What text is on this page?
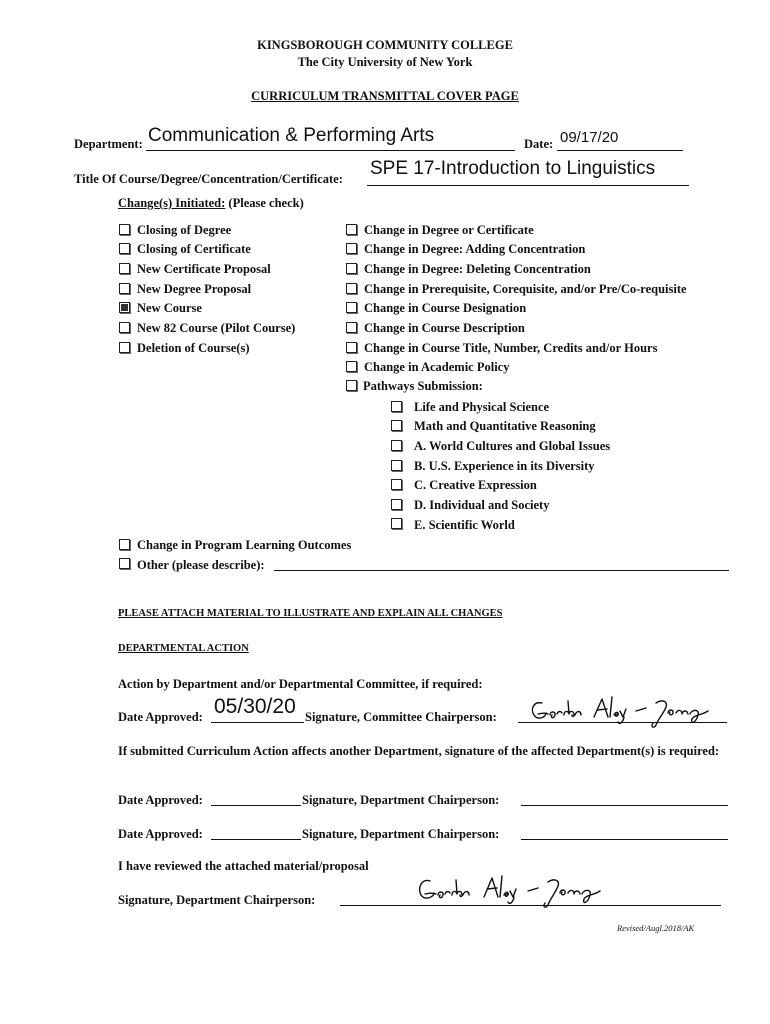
KINGSBOROUGH COMMUNITY COLLEGE
The City University of New York
CURRICULUM TRANSMITTAL COVER PAGE
Department: Communication & Performing Arts	Date: 09/17/20
Title Of Course/Degree/Concentration/Certificate: SPE 17-Introduction to Linguistics
Change(s) Initiated: (Please check)
Closing of Degree
Closing of Certificate
New Certificate Proposal
New Degree Proposal
New Course
New 82 Course (Pilot Course)
Deletion of Course(s)
Change in Degree or Certificate
Change in Degree: Adding Concentration
Change in Degree: Deleting Concentration
Change in Prerequisite, Corequisite, and/or Pre/Co-requisite
Change in Course Designation
Change in Course Description
Change in Course Title, Number, Credits and/or Hours
Change in Academic Policy
Pathways Submission:
Life and Physical Science
Math and Quantitative Reasoning
A. World Cultures and Global Issues
B. U.S. Experience in its Diversity
C. Creative Expression
D. Individual and Society
E. Scientific World
Change in Program Learning Outcomes
Other (please describe):
PLEASE ATTACH MATERIAL TO ILLUSTRATE AND EXPLAIN ALL CHANGES
DEPARTMENTAL ACTION
Action by Department and/or Departmental Committee, if required:
Date Approved: 05/30/20 Signature, Committee Chairperson:
If submitted Curriculum Action affects another Department, signature of the affected Department(s) is required:
Date Approved:	Signature, Department Chairperson:
Date Approved:	Signature, Department Chairperson:
I have reviewed the attached material/proposal
Signature, Department Chairperson:
Revised/Augl.2018/AK
